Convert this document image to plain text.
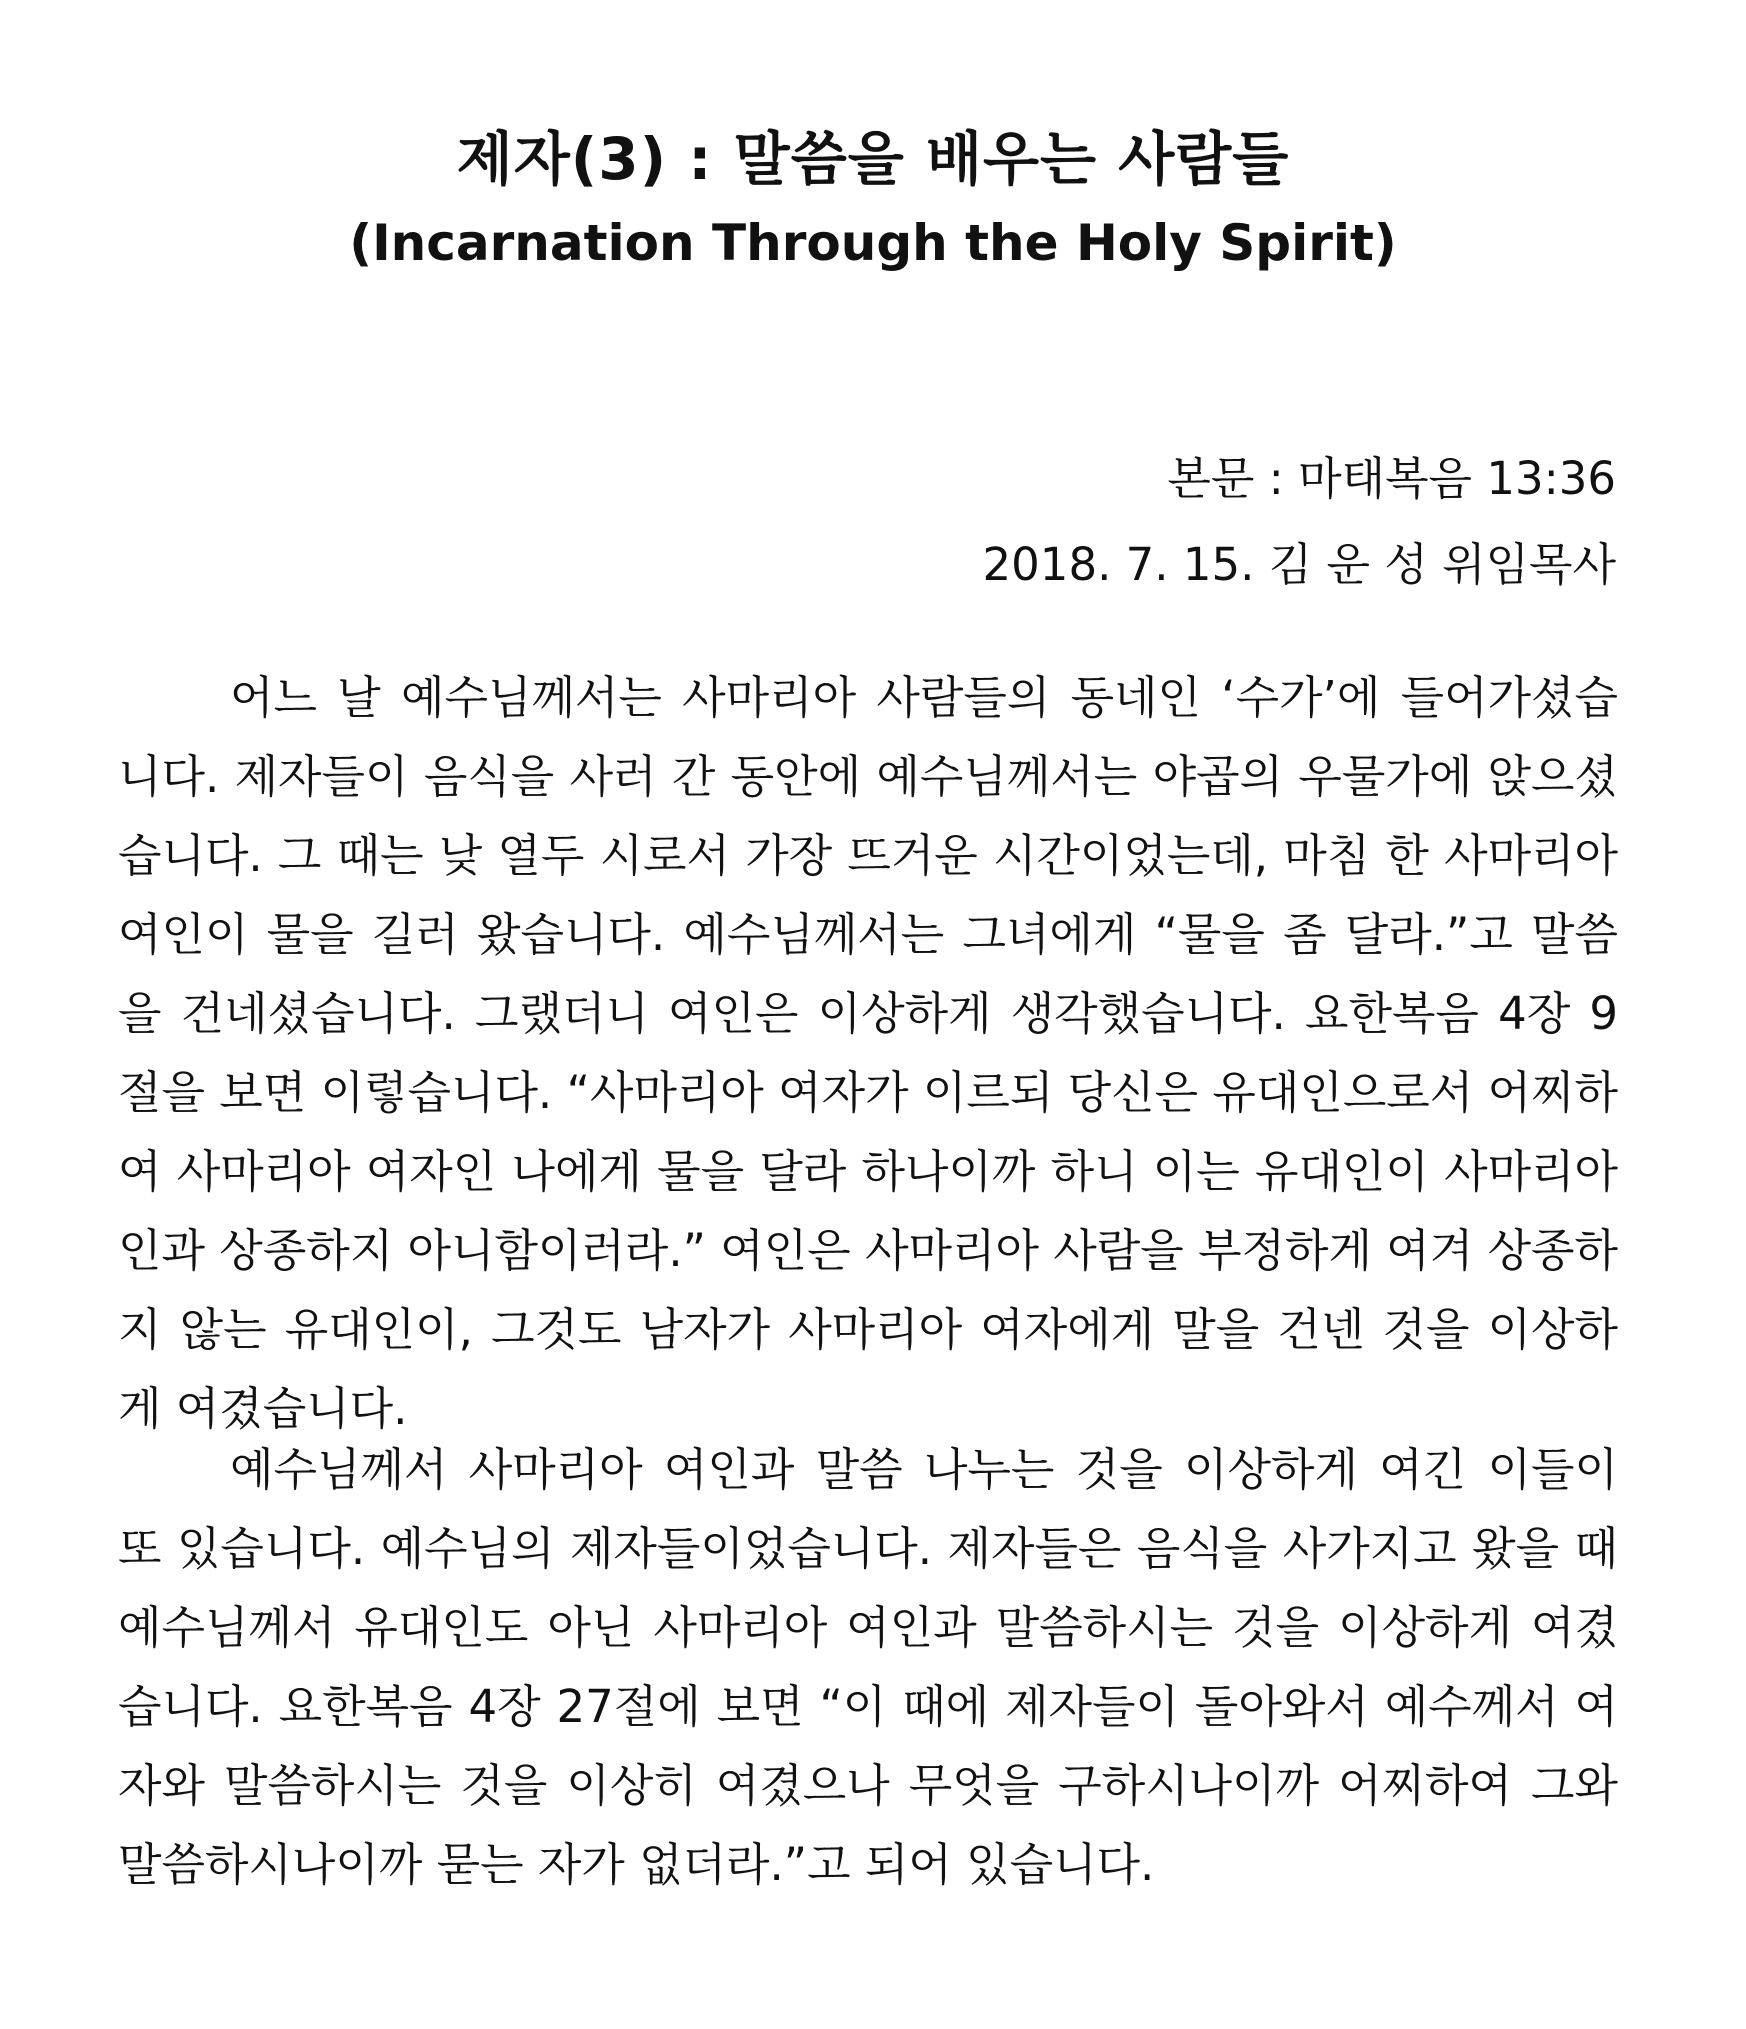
제자(3) : 말씀을 배우는 사람들
(Incarnation Through the Holy Spirit)
본문 : 마태복음 13:36
2018. 7. 15. 김 운 성 위임목사

어느 날 예수님께서는 사마리아 사람들의 동네인 ‘수가’에 들어가셨습니다. 제자들이 음식을 사러 간 동안에 예수님께서는 야곱의 우물가에 앉으셨습니다. 그 때는 낮 열두 시로서 가장 뜨거운 시간이었는데, 마침 한 사마리아 여인이 물을 길러 왔습니다. 예수님께서는 그녀에게 “물을 좀 달라.”고 말씀을 건네셨습니다. 그랬더니 여인은 이상하게 생각했습니다. 요한복음 4장 9절을 보면 이렇습니다. “사마리아 여자가 이르되 당신은 유대인으로서 어찌하여 사마리아 여자인 나에게 물을 달라 하나이까 하니 이는 유대인이 사마리아인과 상종하지 아니함이러라.” 여인은 사마리아 사람을 부정하게 여겨 상종하지 않는 유대인이, 그것도 남자가 사마리아 여자에게 말을 건넨 것을 이상하게 여겼습니다.

예수님께서 사마리아 여인과 말씀 나누는 것을 이상하게 여긴 이들이 또 있습니다. 예수님의 제자들이었습니다. 제자들은 음식을 사가지고 왔을 때 예수님께서 유대인도 아닌 사마리아 여인과 말씀하시는 것을 이상하게 여겼습니다. 요한복음 4장 27절에 보면 “이 때에 제자들이 돌아와서 예수께서 여자와 말씀하시는 것을 이상히 여겼으나 무엇을 구하시나이까 어찌하여 그와 말씀하시나이까 묻는 자가 없더라.”고 되어 있습니다.
